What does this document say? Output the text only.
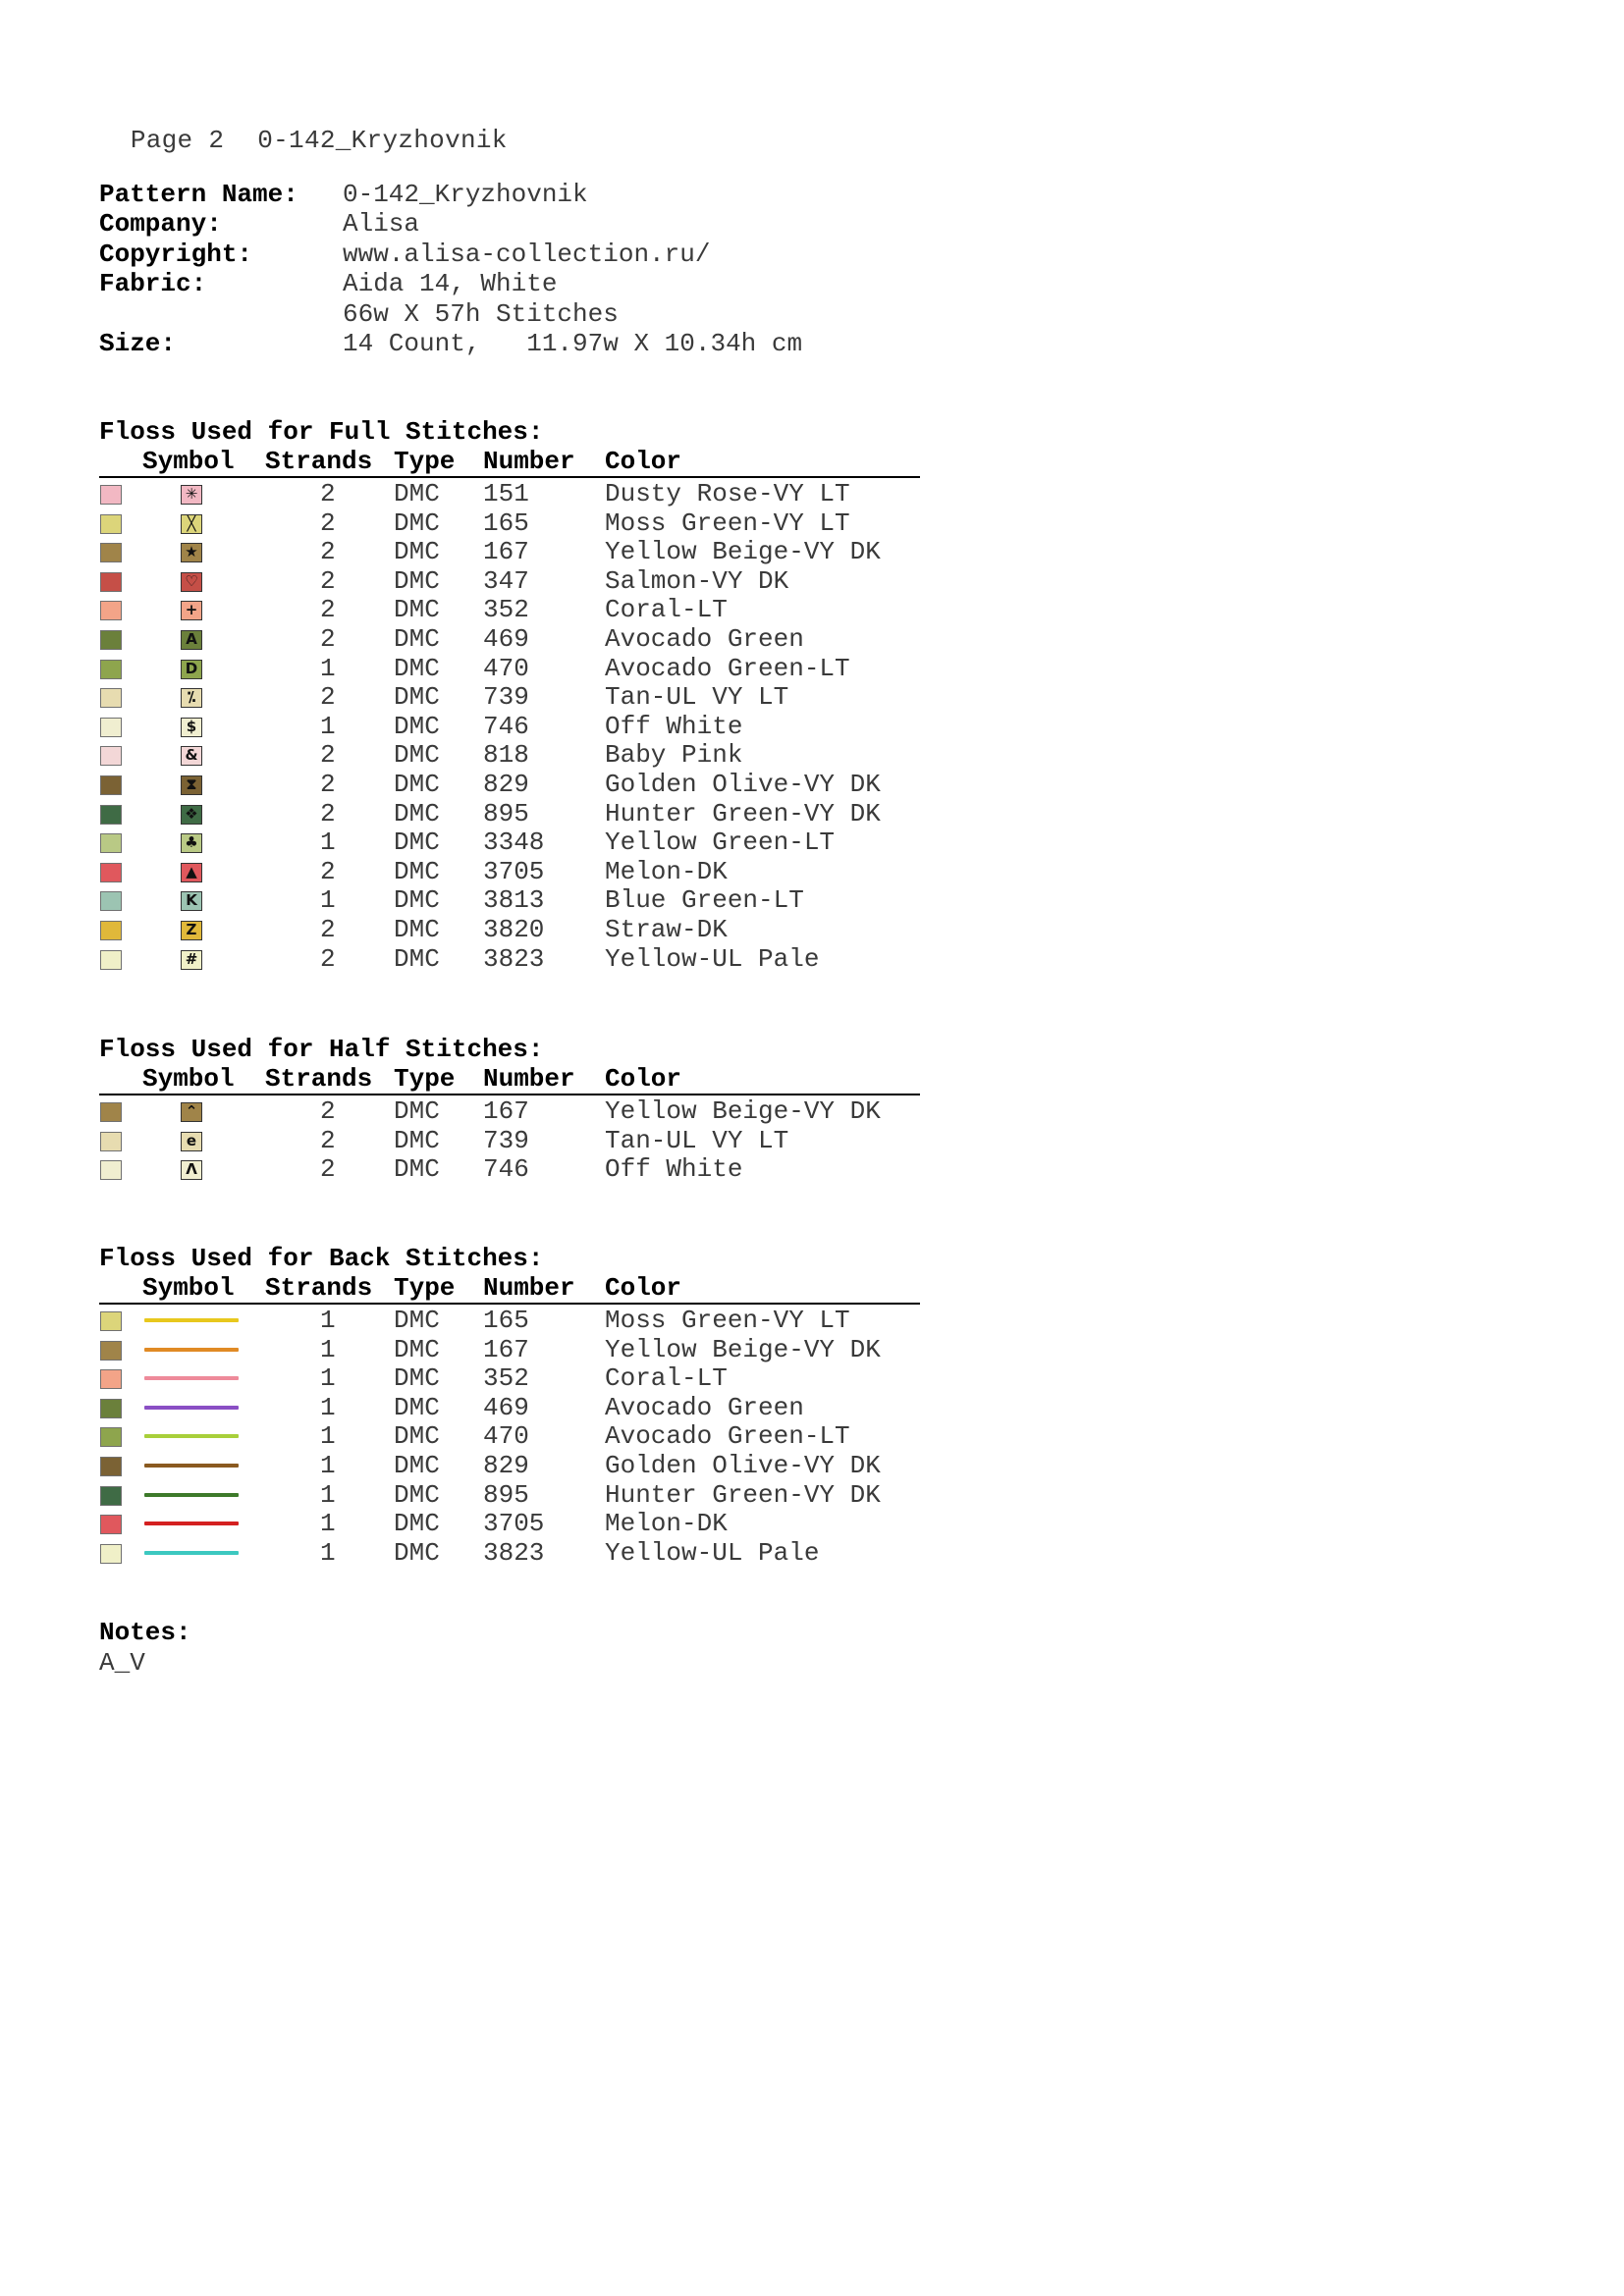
Page 2 0-142_Kryzhovnik

Pattern Name:	0-142_Kryzhovnik
Company:	Alisa
Copyright:	www.alisa-collection.ru/
Fabric:	Aida 14, White
66w X 57h Stitches
Size:	14 Count,   11.97w X 10.34h cm
Floss Used for Full Stitches:
Symbol Strands Type Number Color
✳	2 DMC 151	Dusty Rose-VY LT
╳	2 DMC 165	Moss Green-VY LT
★	2 DMC 167	Yellow Beige-VY DK
♡	2 DMC 347	Salmon-VY DK
+	2 DMC 352	Coral-LT
A	2 DMC 469	Avocado Green
D	1 DMC 470	Avocado Green-LT
⁒	2 DMC 739	Tan-UL VY LT
$	1 DMC 746	Off White
&	2 DMC 818	Baby Pink
⧗	2 DMC 829	Golden Olive-VY DK
❖	2 DMC 895	Hunter Green-VY DK
♣	1 DMC 3348 Yellow Green-LT
▲	2 DMC 3705 Melon-DK
K	1 DMC 3813 Blue Green-LT
Z	2 DMC 3820 Straw-DK
#	2 DMC 3823 Yellow-UL Pale
Floss Used for Half Stitches:
Symbol Strands Type Number Color
⌃	2 DMC 167	Yellow Beige-VY DK
e	2 DMC 739	Tan-UL VY LT
Λ	2 DMC 746	Off White
Floss Used for Back Stitches:
Symbol Strands Type Number Color
1 DMC 165	Moss Green-VY LT
1 DMC 167	Yellow Beige-VY DK
1 DMC 352	Coral-LT
1 DMC 469	Avocado Green
1 DMC 470	Avocado Green-LT
1 DMC 829	Golden Olive-VY DK
1 DMC 895	Hunter Green-VY DK
1 DMC 3705 Melon-DK
1 DMC 3823 Yellow-UL Pale
Notes:
A_V
